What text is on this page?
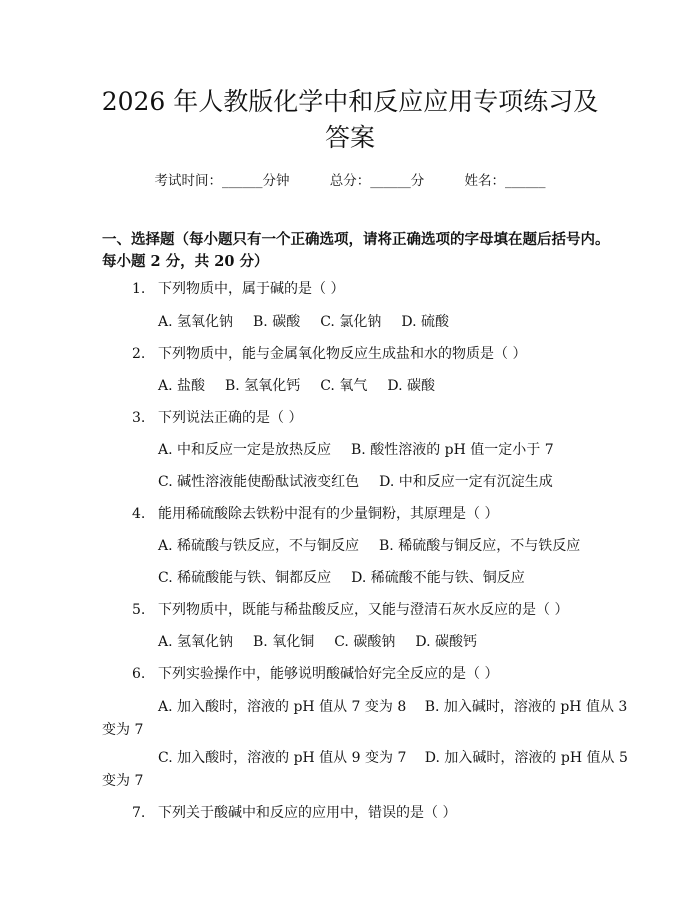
2026 年人教版化学中和反应应用专项练习及
答案
考试时间：______分钟	总分：______分	姓名：______
一、选择题（每小题只有一个正确选项，请将正确选项的字母填在题后括号内。
每小题 2 分，共 20 分）
1. 下列物质中，属于碱的是（ ）
A. 氢氧化钠 B. 碳酸 C. 氯化钠 D. 硫酸
2. 下列物质中，能与金属氧化物反应生成盐和水的物质是（ ）
A. 盐酸 B. 氢氧化钙 C. 氧气 D. 碳酸
3. 下列说法正确的是（ ）
A. 中和反应一定是放热反应 B. 酸性溶液的 pH 值一定小于 7
C. 碱性溶液能使酚酞试液变红色 D. 中和反应一定有沉淀生成
4. 能用稀硫酸除去铁粉中混有的少量铜粉，其原理是（ ）
A. 稀硫酸与铁反应，不与铜反应 B. 稀硫酸与铜反应，不与铁反应
C. 稀硫酸能与铁、铜都反应 D. 稀硫酸不能与铁、铜反应
5. 下列物质中，既能与稀盐酸反应，又能与澄清石灰水反应的是（ ）
A. 氢氧化钠 B. 氧化铜 C. 碳酸钠 D. 碳酸钙
6. 下列实验操作中，能够说明酸碱恰好完全反应的是（ ）
A. 加入酸时，溶液的 pH 值从 7 变为 8　 B. 加入碱时，溶液的 pH 值从 3
变为 7
C. 加入酸时，溶液的 pH 值从 9 变为 7　 D. 加入碱时，溶液的 pH 值从 5
变为 7
7. 下列关于酸碱中和反应的应用中，错误的是（ ）
